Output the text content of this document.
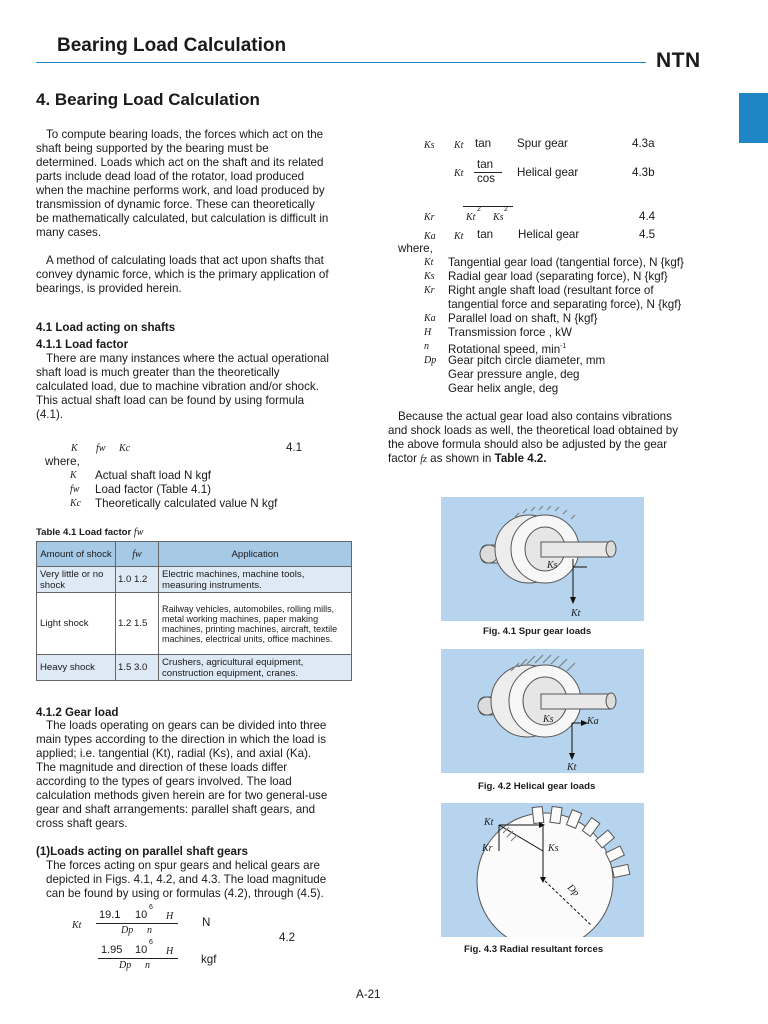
Bearing Load Calculation
NTN
4. Bearing Load Calculation
To compute bearing loads, the forces which act on the
shaft being supported by the bearing must be
determined. Loads which act on the shaft and its related
parts include dead load of the rotator, load produced
when the machine performs work, and load produced by
transmission of dynamic force. These can theoretically
be mathematically calculated, but calculation is difficult in
many cases.
A method of calculating loads that act upon shafts that
convey dynamic force, which is the primary application of
bearings, is provided herein.
4.1 Load acting on shafts
4.1.1 Load factor
There are many instances where the actual operational
shaft load is much greater than the theoretically
calculated load, due to machine vibration and/or shock.
This actual shaft load can be found by using formula
(4.1).
K fw Kc	4.1
where,
K Actual shaft load N kgf
fw Load factor (Table 4.1)
Kc Theoretically calculated value N kgf
Table 4.1 Load factor fw
Amount of shock	fw	Application
Very little or no shock	1.0 1.2	Electric machines, machine tools, measuring instruments.
Light shock	1.2 1.5	Railway vehicles, automobiles, rolling mills, metal working machines, paper making machines, printing machines, aircraft, textile machines, electrical units, office machines.
Heavy shock	1.5 3.0	Crushers, agricultural equipment, construction equipment, cranes.
4.1.2 Gear load
The loads operating on gears can be divided into three
main types according to the direction in which the load is
applied; i.e. tangential (Kt), radial (Ks), and axial (Ka).
The magnitude and direction of these loads differ
according to the types of gears involved. The load
calculation methods given herein are for two general-use
gear and shaft arrangements: parallel shaft gears, and
cross shaft gears.
(1)Loads acting on parallel shaft gears
The forces acting on spur gears and helical gears are
depicted in Figs. 4.1, 4.2, and 4.3. The load magnitude
can be found by using or formulas (4.2), through (4.5).
Kt
19.1 10
6
H
Dp n
N
4.2
1.95 10
6
H
Dp n	kgf
Ks Kt tan Spur gear	4.3a
Kt
tan
cos Helical gear	4.3b
Kr	Kt
2
Ks
2
4.4
Ka Kt tan Helical gear	4.5
where,
Kt Tangential gear load (tangential force), N {kgf}
Ks Radial gear load (separating force), N {kgf}
Kr Right angle shaft load (resultant force of
tangential force and separating force), N {kgf}
Ka Parallel load on shaft, N {kgf}
H Transmission force , kW
n Rotational speed, $\min^{-1}$
Dp Gear pitch circle diameter, mm
Gear pressure angle, deg
Gear helix angle, deg
Because the actual gear load also contains vibrations
and shock loads as well, the theoretical load obtained by
the above formula should also be adjusted by the gear
factor fz as shown in Table 4.2.
Ks
Kt
Fig. 4.1 Spur gear loads
Ks	Ka
Kt
Fig. 4.2 Helical gear loads
Kt
Kr	Ks
Dp
Fig. 4.3 Radial resultant forces
A-21
